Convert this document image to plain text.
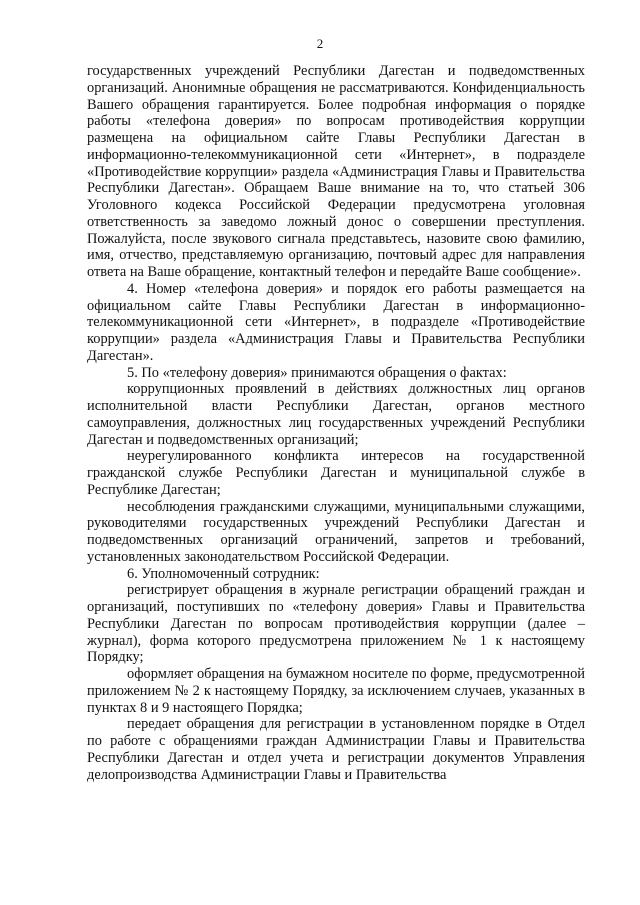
2

государственных учреждений Республики Дагестан и подведомственных организаций. Анонимные обращения не рассматриваются. Конфиденциальность Вашего обращения гарантируется. Более подробная информация о порядке работы «телефона доверия» по вопросам противодействия коррупции размещена на официальном сайте Главы Республики Дагестан в информационно-телекоммуникационной сети «Интернет», в подразделе «Противодействие коррупции» раздела «Администрация Главы и Правительства Республики Дагестан». Обращаем Ваше внимание на то, что статьей 306 Уголовного кодекса Российской Федерации предусмотрена уголовная ответственность за заведомо ложный донос о совершении преступления. Пожалуйста, после звукового сигнала представьтесь, назовите свою фамилию, имя, отчество, представляемую организацию, почтовый адрес для направления ответа на Ваше обращение, контактный телефон и передайте Ваше сообщение».

4. Номер «телефона доверия» и порядок его работы размещается на официальном сайте Главы Республики Дагестан в информационно-телекоммуникационной сети «Интернет», в подразделе «Противодействие коррупции» раздела «Администрация Главы и Правительства Республики Дагестан».

5. По «телефону доверия» принимаются обращения о фактах:

коррупционных проявлений в действиях должностных лиц органов исполнительной власти Республики Дагестан, органов местного самоуправления, должностных лиц государственных учреждений Республики Дагестан и подведомственных организаций;

неурегулированного конфликта интересов на государственной гражданской службе Республики Дагестан и муниципальной службе в Республике Дагестан;

несоблюдения гражданскими служащими, муниципальными служащими, руководителями государственных учреждений Республики Дагестан и подведомственных организаций ограничений, запретов и требований, установленных законодательством Российской Федерации.

6. Уполномоченный сотрудник:

регистрирует обращения в журнале регистрации обращений граждан и организаций, поступивших по «телефону доверия» Главы и Правительства Республики Дагестан по вопросам противодействия коррупции (далее – журнал), форма которого предусмотрена приложением № 1 к настоящему Порядку;

оформляет обращения на бумажном носителе по форме, предусмотренной приложением № 2 к настоящему Порядку, за исключением случаев, указанных в пунктах 8 и 9 настоящего Порядка;

передает обращения для регистрации в установленном порядке в Отдел по работе с обращениями граждан Администрации Главы и Правительства Республики Дагестан и отдел учета и регистрации документов Управления делопроизводства Администрации Главы и Правительства
